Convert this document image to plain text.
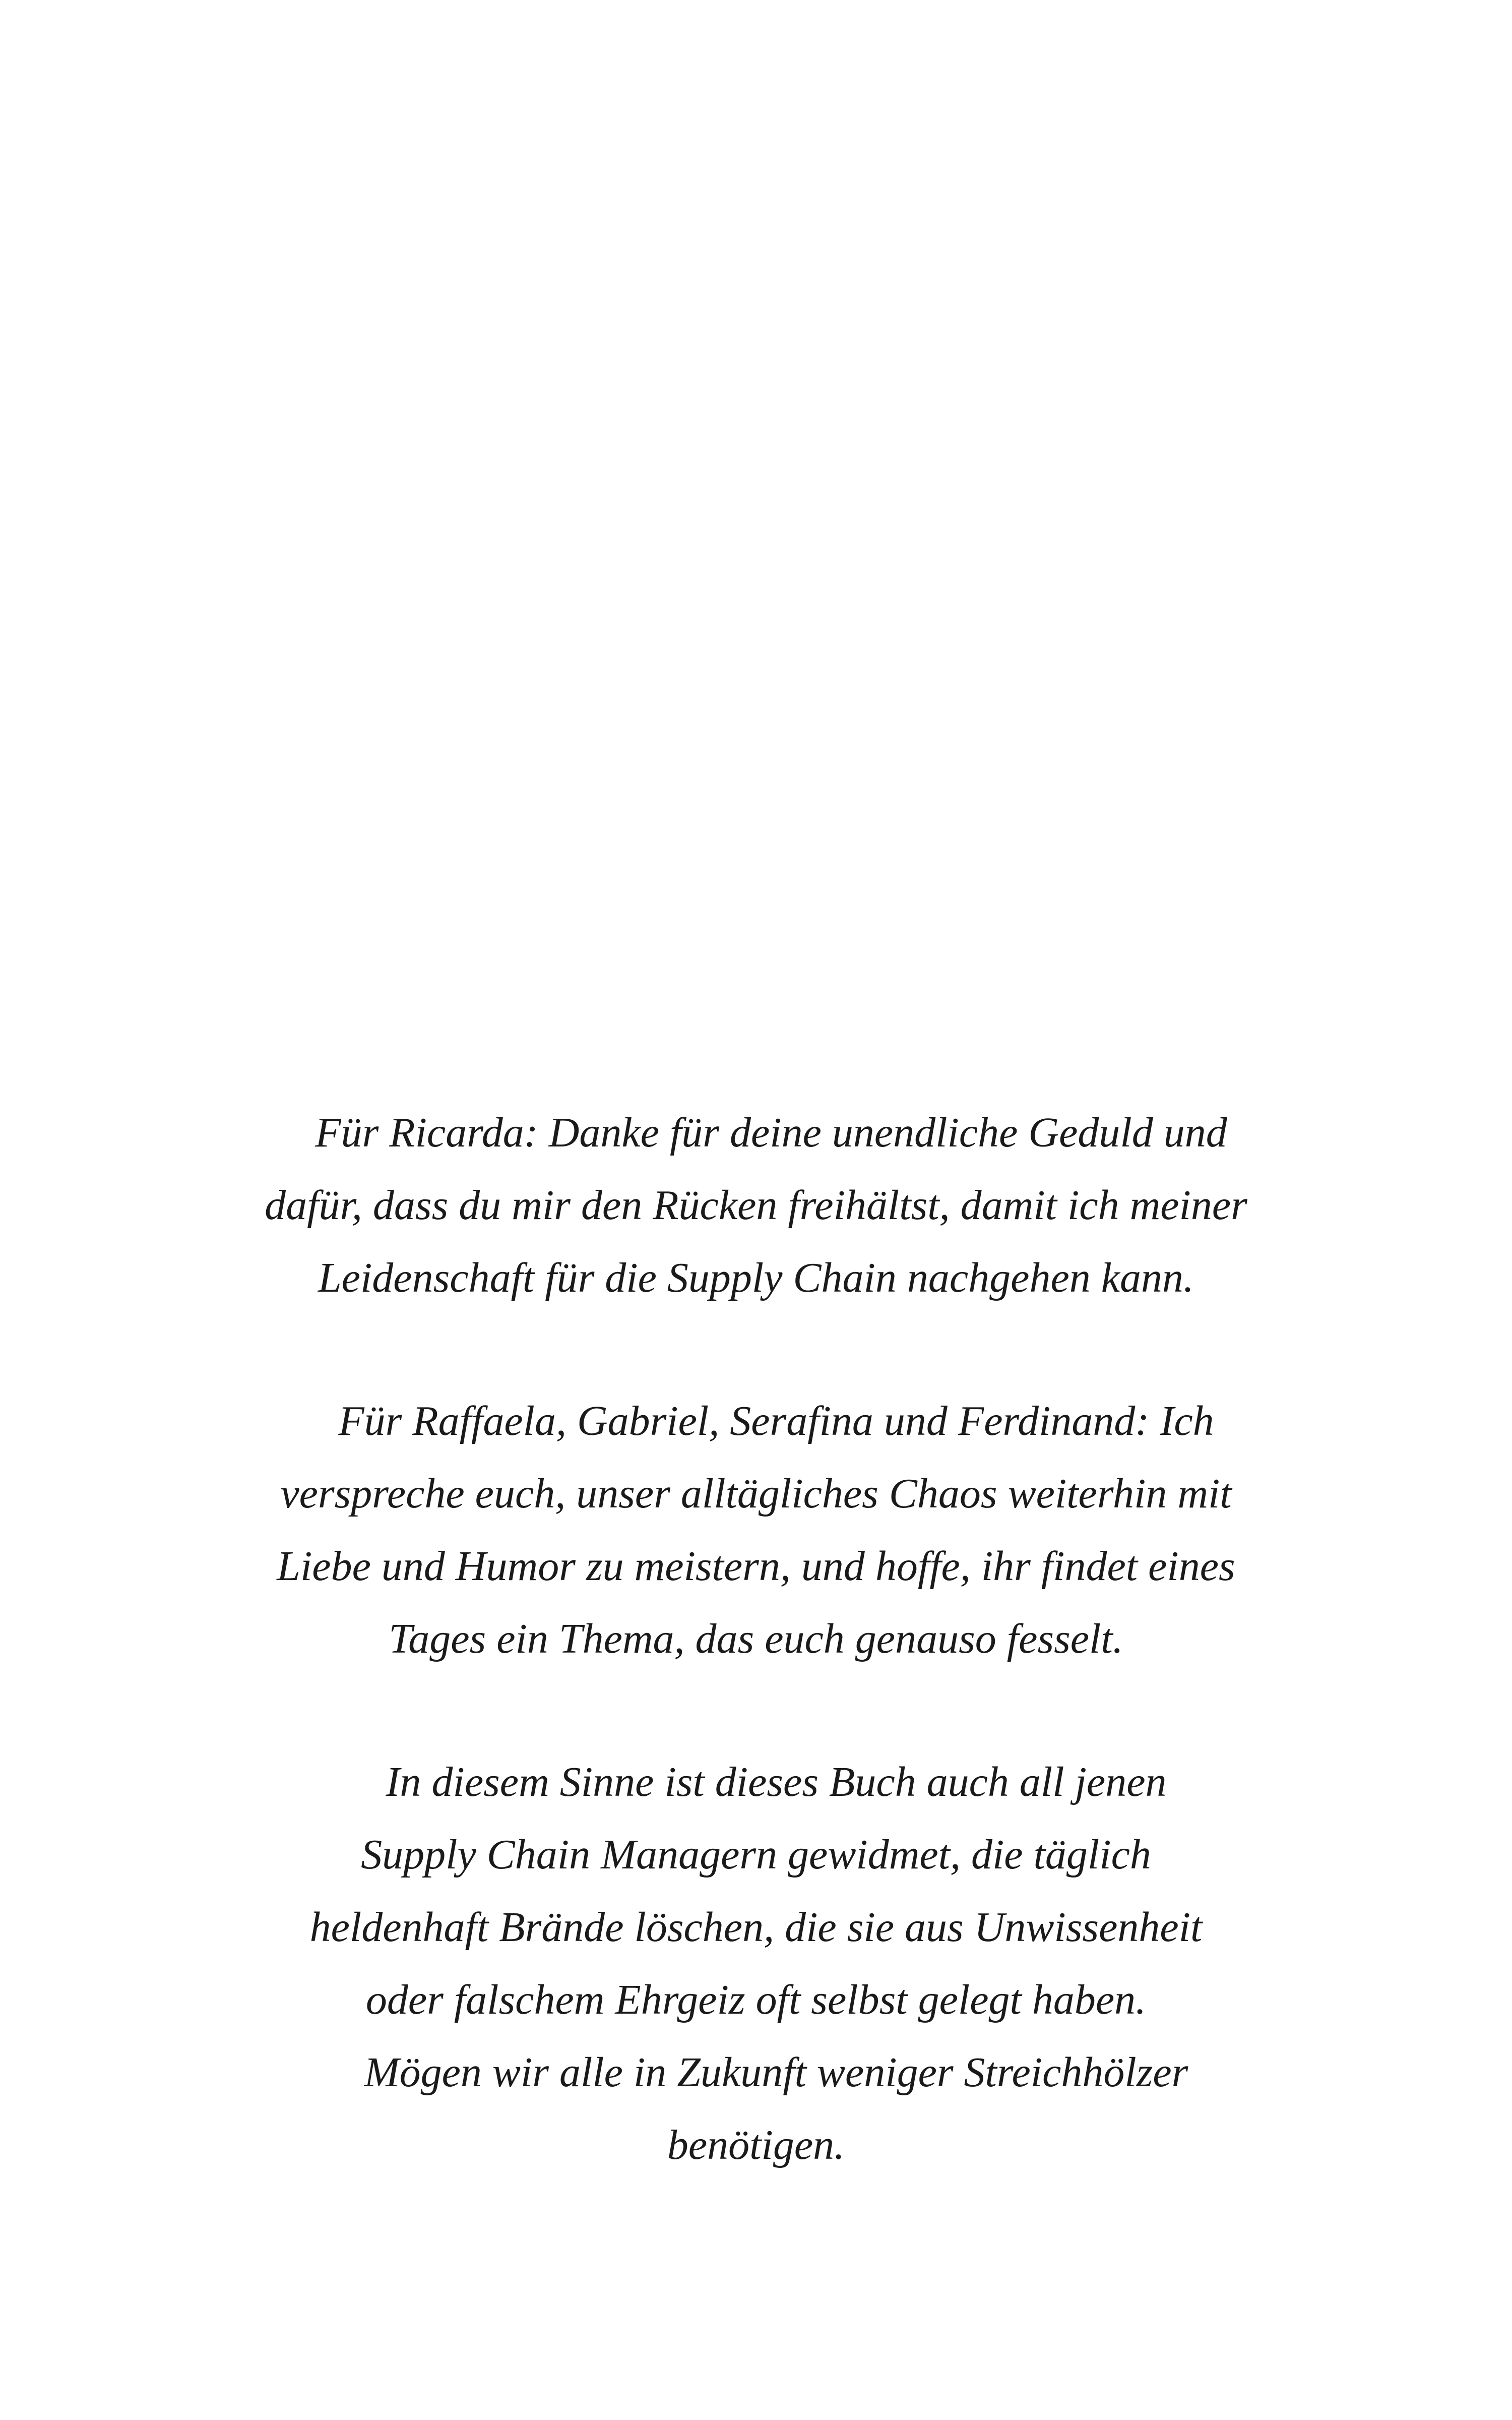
Für Ricarda: Danke für deine unendliche Geduld und
dafür, dass du mir den Rücken freihältst, damit ich meiner
Leidenschaft für die Supply Chain nachgehen kann.
Für Raffaela, Gabriel, Serafina und Ferdinand: Ich
verspreche euch, unser alltägliches Chaos weiterhin mit
Liebe und Humor zu meistern, und hoffe, ihr findet eines
Tages ein Thema, das euch genauso fesselt.
In diesem Sinne ist dieses Buch auch all jenen
Supply Chain Managern gewidmet, die täglich
heldenhaft Brände löschen, die sie aus Unwissenheit
oder falschem Ehrgeiz oft selbst gelegt haben.
Mögen wir alle in Zukunft weniger Streichhölzer
benötigen.
